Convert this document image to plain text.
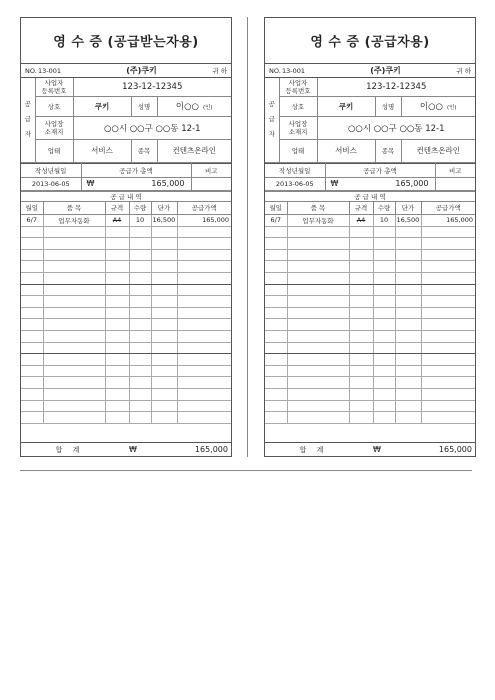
영 수 증 (공급받는자용)
NO. 13-001	(주)쿠키	귀 하
공
급
자	사업자
등록번호	123-12-12345		
	상호	쿠키	성명	이○○ (인)
	사업장
소재지	○○시 ○○구 ○○동 12-1		
	업태	서비스	종목	컨텐츠온라인
작성년월일	공급가 총액	비고
2013-06-05	₩ 165,000	
공 급 내 역
월일	품 목	규격	수량	단가	공급가액
6/7	업무자동화	A4	10	16,500	165,000

합 계	₩	165,000
영 수 증 (공급자용)
NO. 13-001	(주)쿠키	귀 하
공
급
자	사업자
등록번호	123-12-12345		
	상호	쿠키	성명	이○○ (인)
	사업장
소재지	○○시 ○○구 ○○동 12-1		
	업태	서비스	종목	컨텐츠온라인
작성년월일	공급가 총액	비고
2013-06-05	₩ 165,000	
공 급 내 역
월일	품 목	규격	수량	단가	공급가액
6/7	업무자동화	A4	10	16,500	165,000

합 계	₩	165,000
